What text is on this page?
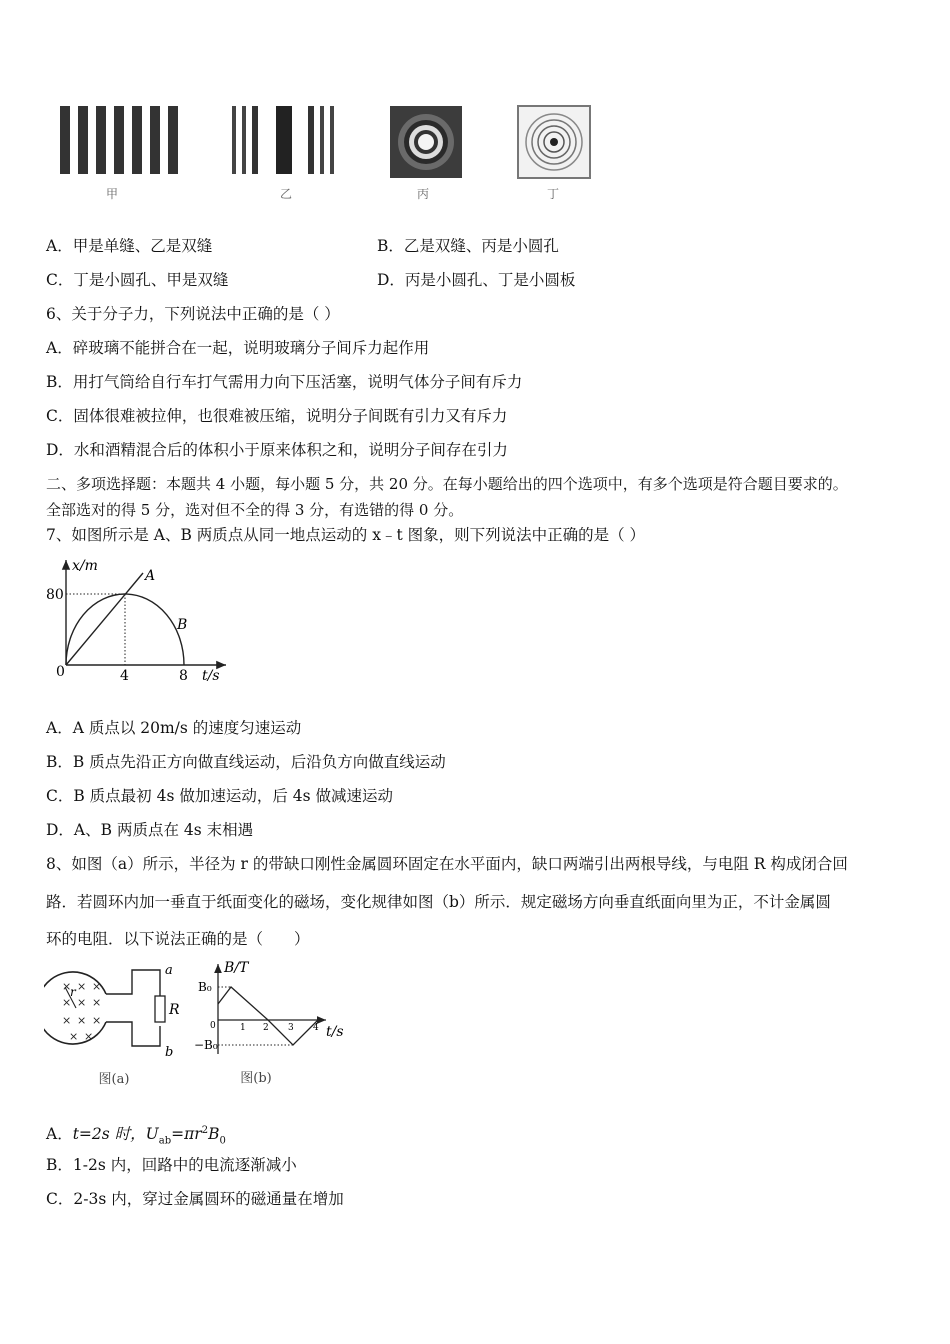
甲	乙	丙	丁
A．甲是单缝、乙是双缝	B．乙是双缝、丙是小圆孔
C．丁是小圆孔、甲是双缝	D．丙是小圆孔、丁是小圆板
6、关于分子力，下列说法中正确的是（ ）
A．碎玻璃不能拼合在一起，说明玻璃分子间斥力起作用
B．用打气筒给自行车打气需用力向下压活塞，说明气体分子间有斥力
C．固体很难被拉伸，也很难被压缩，说明分子间既有引力又有斥力
D．水和酒精混合后的体积小于原来体积之和，说明分子间存在引力
二、多项选择题：本题共 4 小题，每小题 5 分，共 20 分。在每小题给出的四个选项中，有多个选项是符合题目要求的。
全部选对的得 5 分，选对但不全的得 3 分，有选错的得 0 分。
7、如图所示是 A、B 两质点从同一地点运动的 x﹣t 图象，则下列说法中正确的是（ ）
x/m
t/s
0
80
4	8
A
B
A．A 质点以 20m/s 的速度匀速运动
B．B 质点先沿正方向做直线运动，后沿负方向做直线运动
C．B 质点最初 4s 做加速运动，后 4s 做减速运动
D．A、B 两质点在 4s 末相遇
8、如图（a）所示，半径为 r 的带缺口刚性金属圆环固定在水平面内，缺口两端引出两根导线，与电阻 R 构成闭合回
路．若圆环内加一垂直于纸面变化的磁场，变化规律如图（b）所示．规定磁场方向垂直纸面向里为正，不计金属圆
环的电阻．以下说法正确的是（　　）
× × ×
× × ×
× × ×
× ×
r
a
b
R
图(a)
B/T
t/s
B₀
−B₀
0	1 2 3 4
图(b)
A．t=2s 时，$U_{ab}=\pi r^2B_0$
B．1-2s 内，回路中的电流逐渐减小
C．2-3s 内，穿过金属圆环的磁通量在增加
